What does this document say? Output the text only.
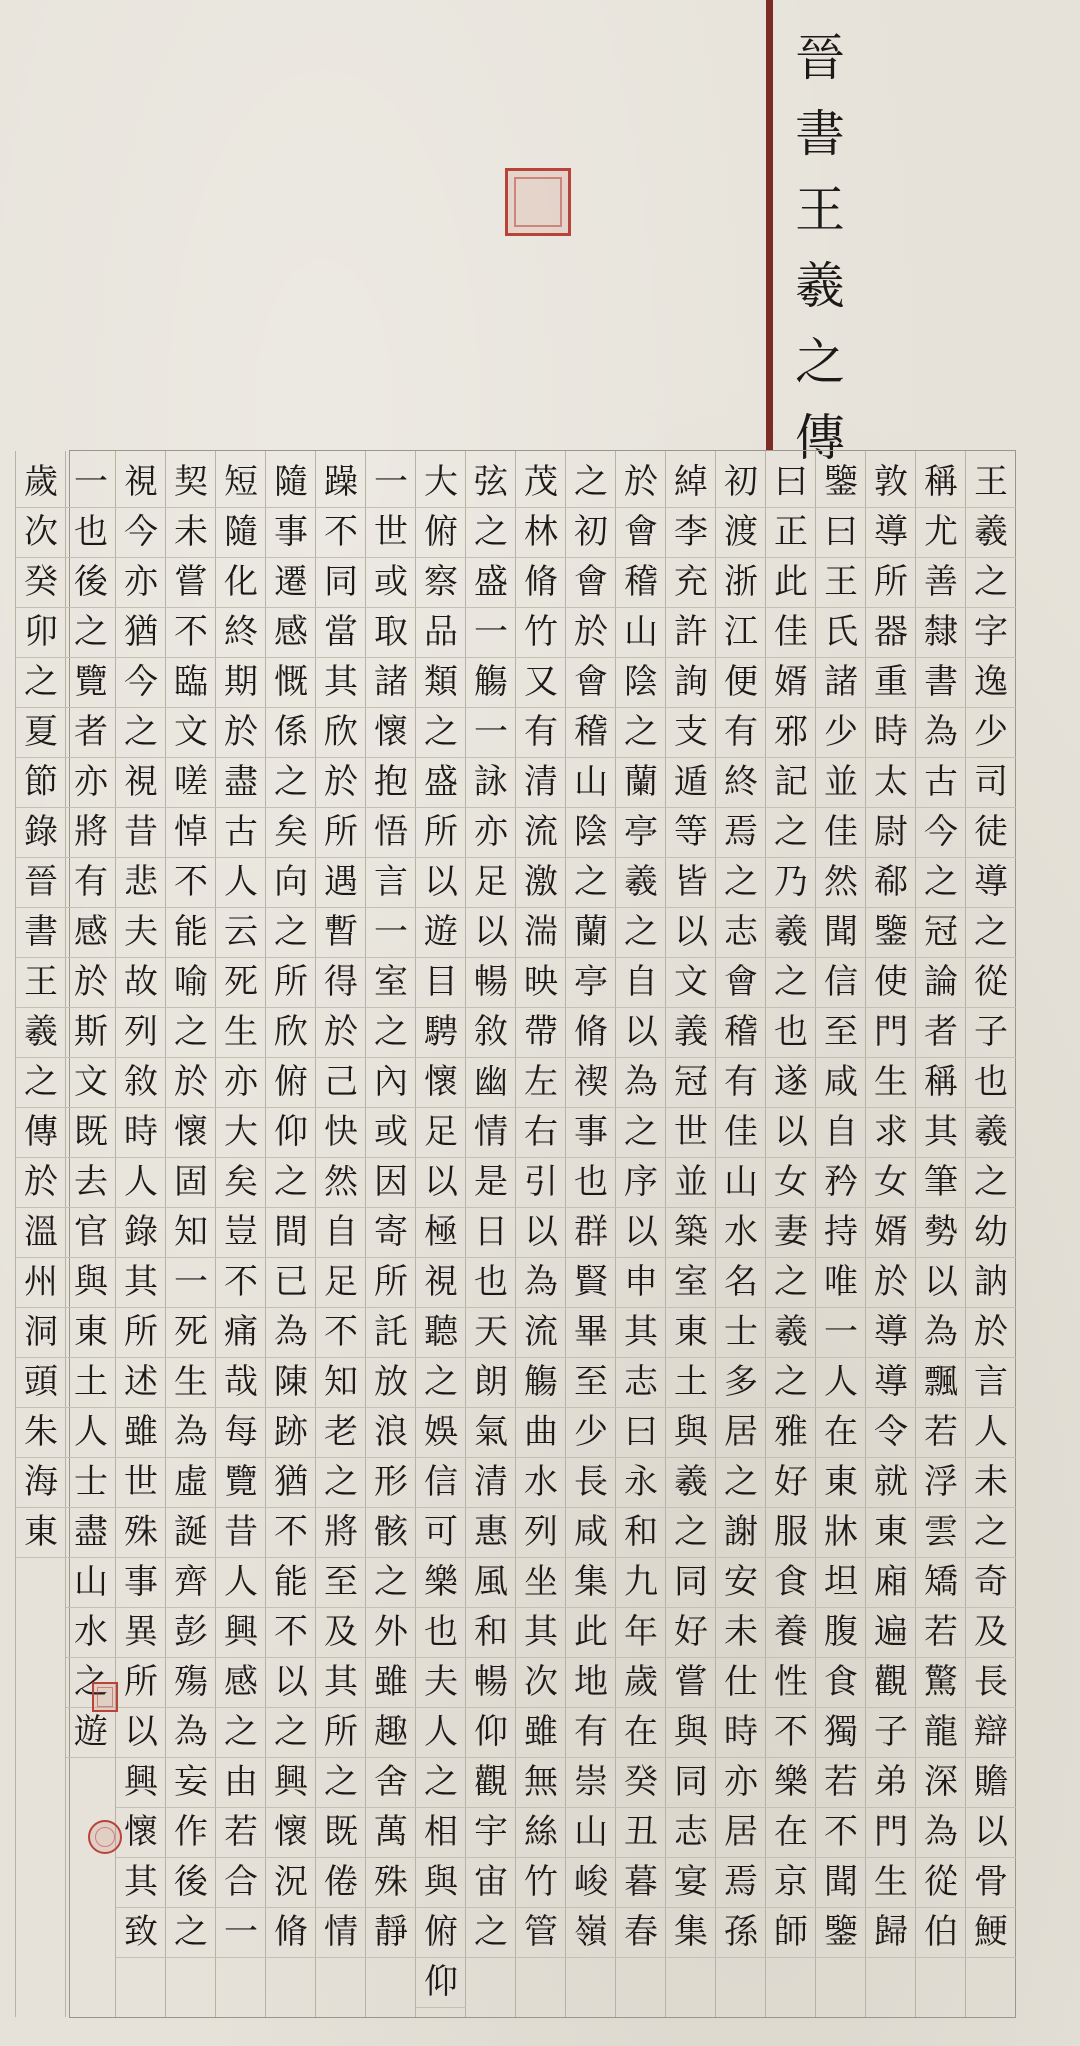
晉
書
王
羲
之
傳
王
羲
之
字
逸
少
司
徒
導
之
從
子
也
羲
之
幼
訥
於
言
人
未
之
奇
及
長
辯
贍
以
骨
鯁
稱
尤
善
隸
書
為
古
今
之
冠
論
者
稱
其
筆
勢
以
為
飄
若
浮
雲
矯
若
驚
龍
深
為
從
伯
敦
導
所
器
重
時
太
尉
郗
鑒
使
門
生
求
女
婿
於
導
導
令
就
東
廂
遍
觀
子
弟
門
生
歸
鑒
曰
王
氏
諸
少
並
佳
然
聞
信
至
咸
自
矜
持
唯
一
人
在
東
牀
坦
腹
食
獨
若
不
聞
鑒
曰
正
此
佳
婿
邪
記
之
乃
羲
之
也
遂
以
女
妻
之
羲
之
雅
好
服
食
養
性
不
樂
在
京
師
初
渡
浙
江
便
有
終
焉
之
志
會
稽
有
佳
山
水
名
士
多
居
之
謝
安
未
仕
時
亦
居
焉
孫
綽
李
充
許
詢
支
遁
等
皆
以
文
義
冠
世
並
築
室
東
土
與
羲
之
同
好
嘗
與
同
志
宴
集
於
會
稽
山
陰
之
蘭
亭
羲
之
自
以
為
之
序
以
申
其
志
曰
永
和
九
年
歲
在
癸
丑
暮
春
之
初
會
於
會
稽
山
陰
之
蘭
亭
脩
禊
事
也
群
賢
畢
至
少
長
咸
集
此
地
有
崇
山
峻
嶺
茂
林
脩
竹
又
有
清
流
激
湍
映
帶
左
右
引
以
為
流
觴
曲
水
列
坐
其
次
雖
無
絲
竹
管
弦
之
盛
一
觴
一
詠
亦
足
以
暢
敘
幽
情
是
日
也
天
朗
氣
清
惠
風
和
暢
仰
觀
宇
宙
之
大
俯
察
品
類
之
盛
所
以
遊
目
騁
懷
足
以
極
視
聽
之
娛
信
可
樂
也
夫
人
之
相
與
俯
仰
一
世
或
取
諸
懷
抱
悟
言
一
室
之
內
或
因
寄
所
託
放
浪
形
骸
之
外
雖
趣
舍
萬
殊
靜
躁
不
同
當
其
欣
於
所
遇
暫
得
於
己
快
然
自
足
不
知
老
之
將
至
及
其
所
之
既
倦
情
隨
事
遷
感
慨
係
之
矣
向
之
所
欣
俯
仰
之
間
已
為
陳
跡
猶
不
能
不
以
之
興
懷
況
脩
短
隨
化
終
期
於
盡
古
人
云
死
生
亦
大
矣
豈
不
痛
哉
每
覽
昔
人
興
感
之
由
若
合
一
契
未
嘗
不
臨
文
嗟
悼
不
能
喻
之
於
懷
固
知
一
死
生
為
虛
誕
齊
彭
殤
為
妄
作
後
之
視
今
亦
猶
今
之
視
昔
悲
夫
故
列
敘
時
人
錄
其
所
述
雖
世
殊
事
異
所
以
興
懷
其
致
一
也
後
之
覽
者
亦
將
有
感
於
斯
文
既
去
官
與
東
土
人
士
盡
山
水
之
遊
歲
次
癸
卯
之
夏
節
錄
晉
書
王
羲
之
傳
於
溫
州
洞
頭
朱
海
東
